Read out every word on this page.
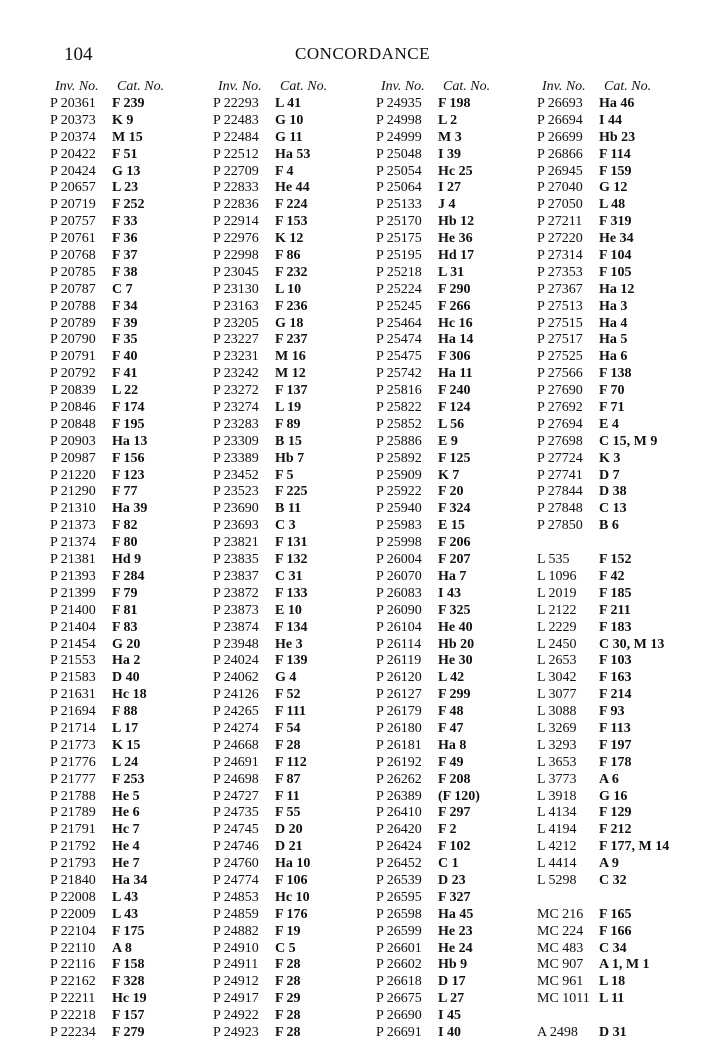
104	CONCORDANCE
Inv. No.	Cat. No.
P 20361	F 239
P 20373	K 9
P 20374	M 15
P 20422	F 51
P 20424	G 13
P 20657	L 23
P 20719	F 252
P 20757	F 33
P 20761	F 36
P 20768	F 37
P 20785	F 38
P 20787	C 7
P 20788	F 34
P 20789	F 39
P 20790	F 35
P 20791	F 40
P 20792	F 41
P 20839	L 22
P 20846	F 174
P 20848	F 195
P 20903	Ha 13
P 20987	F 156
P 21220	F 123
P 21290	F 77
P 21310	Ha 39
P 21373	F 82
P 21374	F 80
P 21381	Hd 9
P 21393	F 284
P 21399	F 79
P 21400	F 81
P 21404	F 83
P 21454	G 20
P 21553	Ha 2
P 21583	D 40
P 21631	Hc 18
P 21694	F 88
P 21714	L 17
P 21773	K 15
P 21776	L 24
P 21777	F 253
P 21788	He 5
P 21789	He 6
P 21791	Hc 7
P 21792	He 4
P 21793	He 7
P 21840	Ha 34
P 22008	L 43
P 22009	L 43
P 22104	F 175
P 22110	A 8
P 22116	F 158
P 22162	F 328
P 22211	Hc 19
P 22218	F 157
P 22234	F 279
Inv. No.	Cat. No.
P 22293	L 41
P 22483	G 10
P 22484	G 11
P 22512	Ha 53
P 22709	F 4
P 22833	He 44
P 22836	F 224
P 22914	F 153
P 22976	K 12
P 22998	F 86
P 23045	F 232
P 23130	L 10
P 23163	F 236
P 23205	G 18
P 23227	F 237
P 23231	M 16
P 23242	M 12
P 23272	F 137
P 23274	L 19
P 23283	F 89
P 23309	B 15
P 23389	Hb 7
P 23452	F 5
P 23523	F 225
P 23690	B 11
P 23693	C 3
P 23821	F 131
P 23835	F 132
P 23837	C 31
P 23872	F 133
P 23873	E 10
P 23874	F 134
P 23948	He 3
P 24024	F 139
P 24062	G 4
P 24126	F 52
P 24265	F 111
P 24274	F 54
P 24668	F 28
P 24691	F 112
P 24698	F 87
P 24727	F 11
P 24735	F 55
P 24745	D 20
P 24746	D 21
P 24760	Ha 10
P 24774	F 106
P 24853	Hc 10
P 24859	F 176
P 24882	F 19
P 24910	C 5
P 24911	F 28
P 24912	F 28
P 24917	F 29
P 24922	F 28
P 24923	F 28
Inv. No.	Cat. No.
P 24935	F 198
P 24998	L 2
P 24999	M 3
P 25048	I 39
P 25054	Hc 25
P 25064	I 27
P 25133	J 4
P 25170	Hb 12
P 25175	He 36
P 25195	Hd 17
P 25218	L 31
P 25224	F 290
P 25245	F 266
P 25464	Hc 16
P 25474	Ha 14
P 25475	F 306
P 25742	Ha 11
P 25816	F 240
P 25822	F 124
P 25852	L 56
P 25886	E 9
P 25892	F 125
P 25909	K 7
P 25922	F 20
P 25940	F 324
P 25983	E 15
P 25998	F 206
P 26004	F 207
P 26070	Ha 7
P 26083	I 43
P 26090	F 325
P 26104	He 40
P 26114	Hb 20
P 26119	He 30
P 26120	L 42
P 26127	F 299
P 26179	F 48
P 26180	F 47
P 26181	Ha 8
P 26192	F 49
P 26262	F 208
P 26389	(F 120)
P 26410	F 297
P 26420	F 2
P 26424	F 102
P 26452	C 1
P 26539	D 23
P 26595	F 327
P 26598	Ha 45
P 26599	He 23
P 26601	He 24
P 26602	Hb 9
P 26618	D 17
P 26675	L 27
P 26690	I 45
P 26691	I 40
Inv. No.	Cat. No.
P 26693	Ha 46
P 26694	I 44
P 26699	Hb 23
P 26866	F 114
P 26945	F 159
P 27040	G 12
P 27050	L 48
P 27211	F 319
P 27220	He 34
P 27314	F 104
P 27353	F 105
P 27367	Ha 12
P 27513	Ha 3
P 27515	Ha 4
P 27517	Ha 5
P 27525	Ha 6
P 27566	F 138
P 27690	F 70
P 27692	F 71
P 27694	E 4
P 27698	C 15, M 9
P 27724	K 3
P 27741	D 7
P 27844	D 38
P 27848	C 13
P 27850	B 6
L 535	F 152
L 1096	F 42
L 2019	F 185
L 2122	F 211
L 2229	F 183
L 2450	C 30, M 13
L 2653	F 103
L 3042	F 163
L 3077	F 214
L 3088	F 93
L 3269	F 113
L 3293	F 197
L 3653	F 178
L 3773	A 6
L 3918	G 16
L 4134	F 129
L 4194	F 212
L 4212	F 177, M 14
L 4414	A 9
L 5298	C 32
MC 216	F 165
MC 224	F 166
MC 483	C 34
MC 907	A 1, M 1
MC 961	L 18
MC 1011 L 11
A 2498	D 31
